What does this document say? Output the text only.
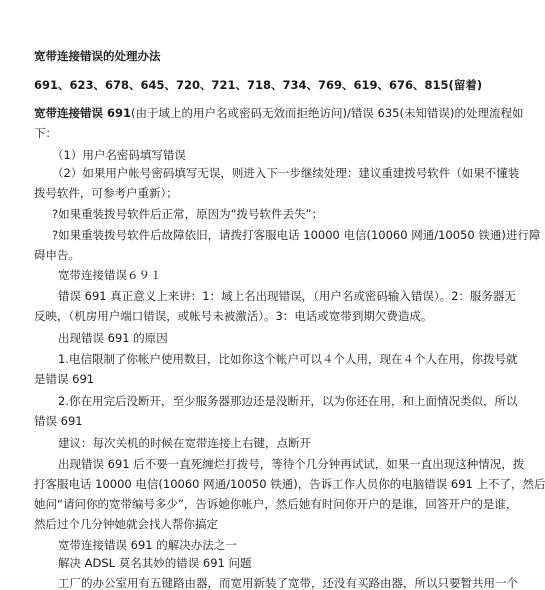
宽带连接错误的处理办法
691、623、678、645、720、721、718、734、769、619、676、815(留着)
宽带连接错误 691(由于域上的用户名或密码无效而拒绝访问)/错误 635(未知错误)的处理流程如
下：
（1）用户名密码填写错误
（2）如果用户帐号密码填写无误，则进入下一步继续处理：建议重建拨号软件（如果不懂装
拨号软件，可参考户重新）；
?如果重装拨号软件后正常，原因为“拨号软件丢失”；
?如果重装拨号软件后故障依旧，请拨打客服电话 10000 电信(10060 网通/10050 铁通)进行障
碍申告。
宽带连接错误６９１
错误 691 真正意义上来讲：1：域上名出现错误，（用户名或密码输入错误）。2：服务器无
反映，（机房用户端口错误，或帐号未被激活）。3：电话或宽带到期欠费造成。
出现错误 691 的原因
1.电信限制了你帐户使用数目，比如你这个帐户可以４个人用，现在４个人在用，你拨号就
是错误 691
2.你在用完后没断开，至少服务器那边还是没断开，以为你还在用，和上面情况类似，所以
错误 691
建议：每次关机的时候在宽带连接上右键，点断开
出现错误 691 后不要一直死缠烂打拨号，等待个几分钟再试试，如果一直出现这种情况，拨
打客服电话 10000 电信(10060 网通/10050 铁通)，告诉工作人员你的电脑错误 691 上不了，然后
她问“请问你的宽带编号多少”，告诉她你帐户，然后她有时问你开户的是谁，回答开户的是谁，
然后过个几分钟她就会找人帮你搞定
宽带连接错误 691 的解决办法之一
解决 ADSL 莫名其妙的错误 691 问题
工厂的办公室用有五键路由器，而宽用新装了宽带，还没有买路由器，所以只要暂共用一个
